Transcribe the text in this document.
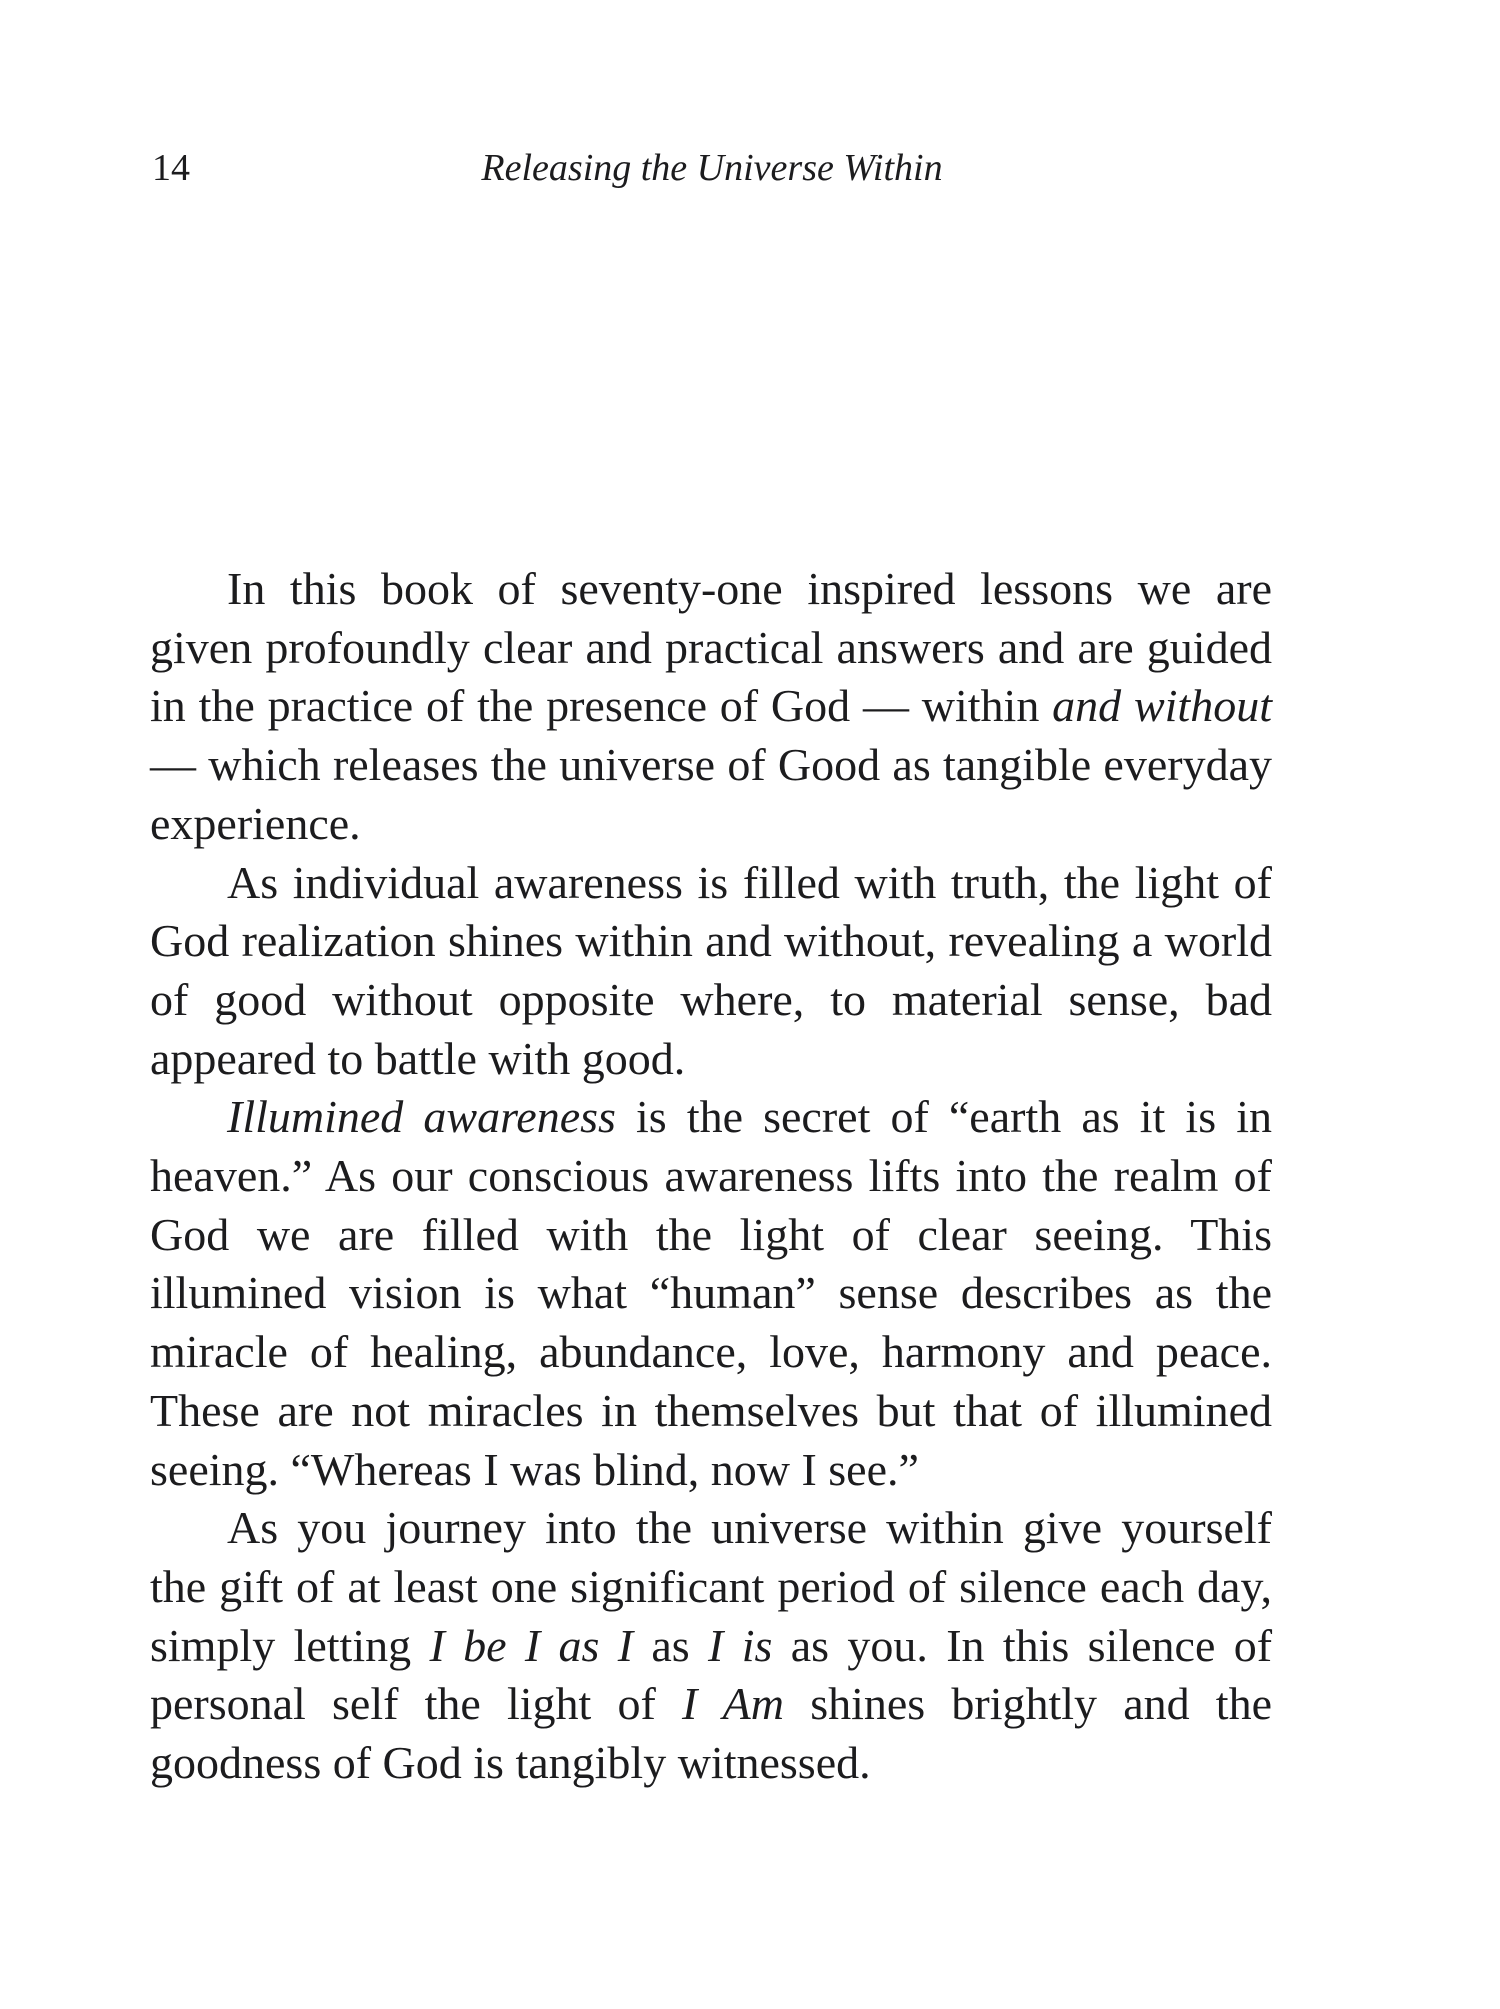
14	Releasing the Universe Within

In this book of seventy-one inspired lessons we are given profoundly clear and practical answers and are guided in the practice of the presence of God — within and without — which releases the universe of Good as tangible everyday experience.

As individual awareness is filled with truth, the light of God realization shines within and without, revealing a world of good without opposite where, to material sense, bad appeared to battle with good.

Illumined awareness is the secret of “earth as it is in heaven.” As our conscious awareness lifts into the realm of God we are filled with the light of clear seeing. This illumined vision is what “human” sense describes as the miracle of healing, abundance, love, harmony and peace. These are not miracles in themselves but that of illumined seeing. “Whereas I was blind, now I see.”

As you journey into the universe within give yourself the gift of at least one significant period of silence each day, simply letting I be I as I as I is as you. In this silence of personal self the light of I Am shines brightly and the goodness of God is tangibly witnessed.
